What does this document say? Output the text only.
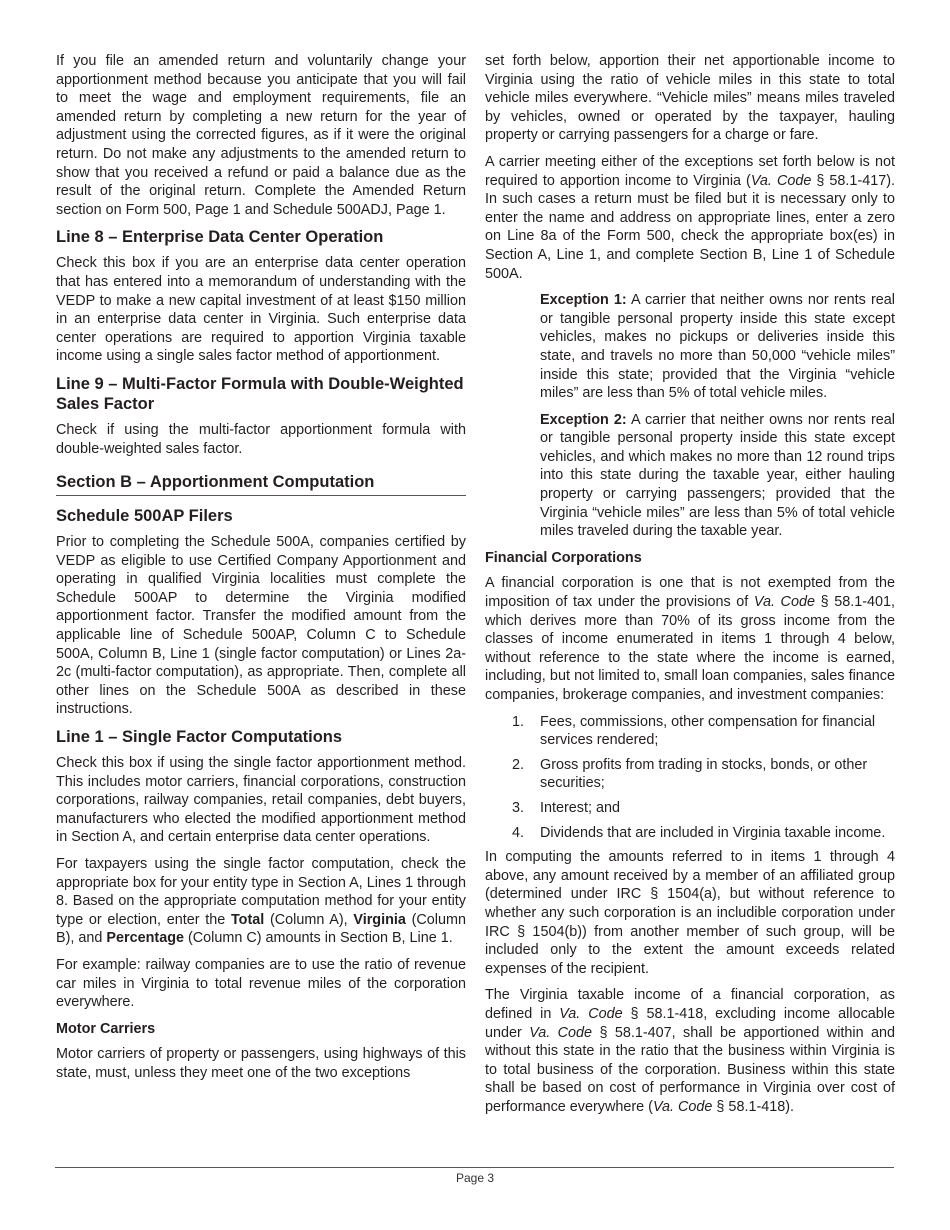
If you file an amended return and voluntarily change your apportionment method because you anticipate that you will fail to meet the wage and employment requirements, file an amended return by completing a new return for the year of adjustment using the corrected figures, as if it were the original return. Do not make any adjustments to the amended return to show that you received a refund or paid a balance due as the result of the original return. Complete the Amended Return section on Form 500, Page 1 and Schedule 500ADJ, Page 1.

Line 8 – Enterprise Data Center Operation

Check this box if you are an enterprise data center operation that has entered into a memorandum of understanding with the VEDP to make a new capital investment of at least $150 million in an enterprise data center in Virginia. Such enterprise data center operations are required to apportion Virginia taxable income using a single sales factor method of apportionment.

Line 9 – Multi-Factor Formula with Double-Weighted Sales Factor

Check if using the multi-factor apportionment formula with double-weighted sales factor.

Section B – Apportionment Computation
Schedule 500AP Filers

Prior to completing the Schedule 500A, companies certified by VEDP as eligible to use Certified Company Apportionment and operating in qualified Virginia localities must complete the Schedule 500AP to determine the Virginia modified apportionment factor. Transfer the modified amount from the applicable line of Schedule 500AP, Column C to Schedule 500A, Column B, Line 1 (single factor computation) or Lines 2a-2c (multi-factor computation), as appropriate. Then, complete all other lines on the Schedule 500A as described in these instructions.

Line 1 – Single Factor Computations

Check this box if using the single factor apportionment method. This includes motor carriers, financial corporations, construction corporations, railway companies, retail companies, debt buyers, manufacturers who elected the modified apportionment method in Section A, and certain enterprise data center operations.

For taxpayers using the single factor computation, check the appropriate box for your entity type in Section A, Lines 1 through 8. Based on the appropriate computation method for your entity type or election, enter the Total (Column A), Virginia (Column B), and Percentage (Column C) amounts in Section B, Line 1.

For example: railway companies are to use the ratio of revenue car miles in Virginia to total revenue miles of the corporation everywhere.

Motor Carriers

Motor carriers of property or passengers, using highways of this state, must, unless they meet one of the two exceptions

set forth below, apportion their net apportionable income to Virginia using the ratio of vehicle miles in this state to total vehicle miles everywhere. “Vehicle miles” means miles traveled by vehicles, owned or operated by the taxpayer, hauling property or carrying passengers for a charge or fare.

A carrier meeting either of the exceptions set forth below is not required to apportion income to Virginia (Va. Code § 58.1-417). In such cases a return must be filed but it is necessary only to enter the name and address on appropriate lines, enter a zero on Line 8a of the Form 500, check the appropriate box(es) in Section A, Line 1, and complete Section B, Line 1 of Schedule 500A.

Exception 1: A carrier that neither owns nor rents real or tangible personal property inside this state except vehicles, makes no pickups or deliveries inside this state, and travels no more than 50,000 “vehicle miles” inside this state; provided that the Virginia “vehicle miles” are less than 5% of total vehicle miles.

Exception 2: A carrier that neither owns nor rents real or tangible personal property inside this state except vehicles, and which makes no more than 12 round trips into this state during the taxable year, either hauling property or carrying passengers; provided that the Virginia “vehicle miles” are less than 5% of total vehicle miles traveled during the taxable year.

Financial Corporations

A financial corporation is one that is not exempted from the imposition of tax under the provisions of Va. Code § 58.1-401, which derives more than 70% of its gross income from the classes of income enumerated in items 1 through 4 below, without reference to the state where the income is earned, including, but not limited to, small loan companies, sales finance companies, brokerage companies, and investment companies:

1.	Fees, commissions, other compensation for financial services rendered;
2.	Gross profits from trading in stocks, bonds, or other securities;
3.	Interest; and
4.	Dividends that are included in Virginia taxable income.

In computing the amounts referred to in items 1 through 4 above, any amount received by a member of an affiliated group (determined under IRC § 1504(a), but without reference to whether any such corporation is an includible corporation under IRC § 1504(b)) from another member of such group, will be included only to the extent the amount exceeds related expenses of the recipient.

The Virginia taxable income of a financial corporation, as defined in Va. Code § 58.1-418, excluding income allocable under Va. Code § 58.1-407, shall be apportioned within and without this state in the ratio that the business within Virginia is to total business of the corporation. Business within this state shall be based on cost of performance in Virginia over cost of performance everywhere (Va. Code § 58.1-418).

Page 3
